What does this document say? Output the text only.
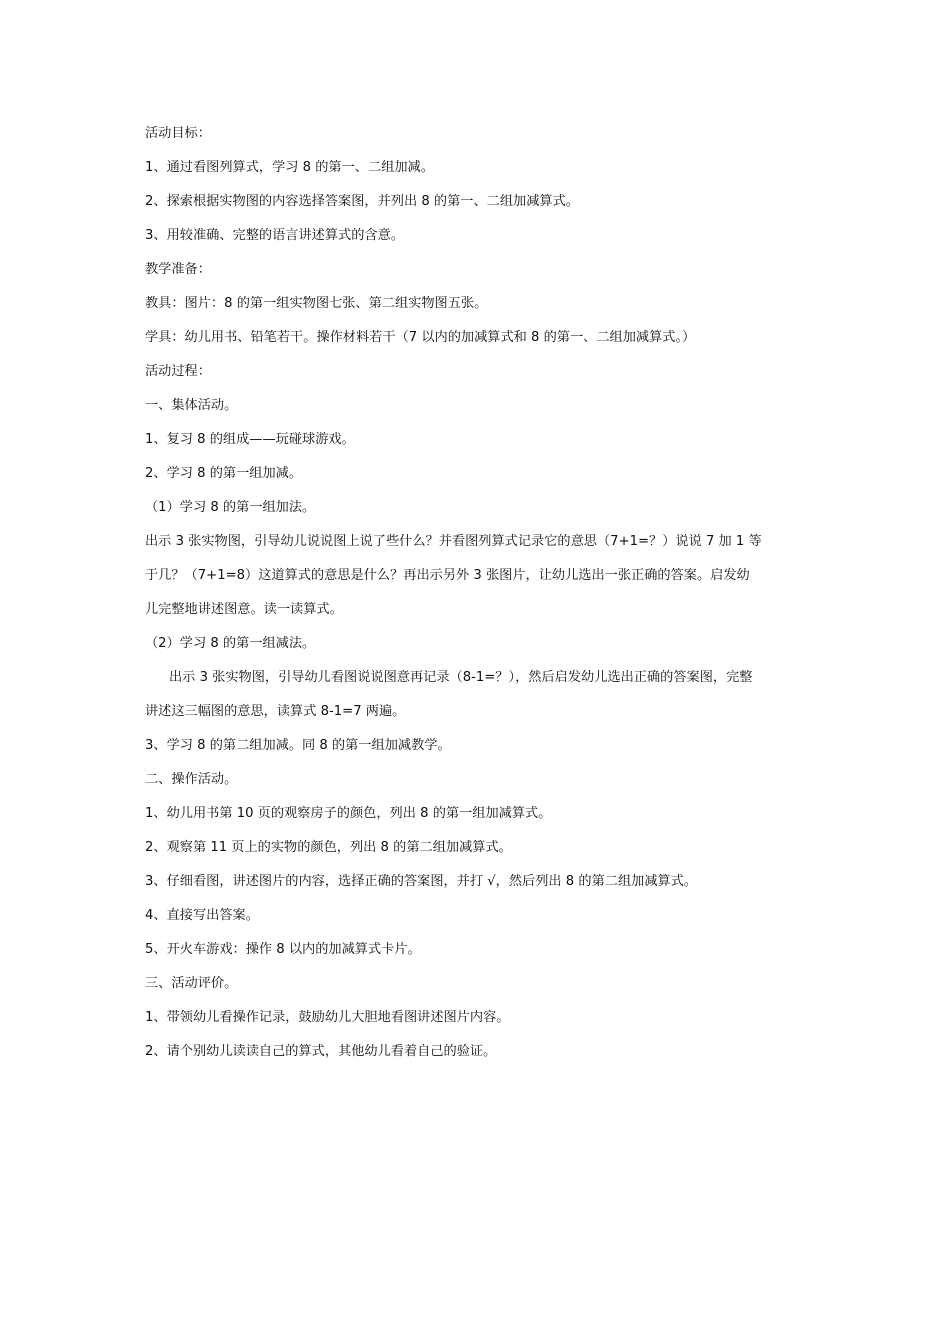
活动目标：

1、通过看图列算式，学习 8 的第一、二组加减。

2、探索根据实物图的内容选择答案图，并列出 8 的第一、二组加减算式。

3、用较准确、完整的语言讲述算式的含意。

教学准备：

教具：图片：8 的第一组实物图七张、第二组实物图五张。

学具：幼儿用书、铅笔若干。操作材料若干（7 以内的加减算式和 8 的第一、二组加减算式。）

活动过程：

一、集体活动。

1、复习 8 的组成——玩碰球游戏。

2、学习 8 的第一组加减。

（1）学习 8 的第一组加法。

出示 3 张实物图，引导幼儿说说图上说了些什么？并看图列算式记录它的意思（7+1=？）说说 7 加 1 等

于几？（7+1=8）这道算式的意思是什么？再出示另外 3 张图片，让幼儿选出一张正确的答案。启发幼

儿完整地讲述图意。读一读算式。

（2）学习 8 的第一组减法。

出示 3 张实物图，引导幼儿看图说说图意再记录（8-1=？），然后启发幼儿选出正确的答案图，完整

讲述这三幅图的意思，读算式 8-1=7 两遍。

3、学习 8 的第二组加减。同 8 的第一组加减教学。

二、操作活动。

1、幼儿用书第 10 页的观察房子的颜色，列出 8 的第一组加减算式。

2、观察第 11 页上的实物的颜色，列出 8 的第二组加减算式。

3、仔细看图，讲述图片的内容，选择正确的答案图，并打 √，然后列出 8 的第二组加减算式。

4、直接写出答案。

5、开火车游戏：操作 8 以内的加减算式卡片。

三、活动评价。

1、带领幼儿看操作记录，鼓励幼儿大胆地看图讲述图片内容。

2、请个别幼儿读读自己的算式，其他幼儿看着自己的验证。
